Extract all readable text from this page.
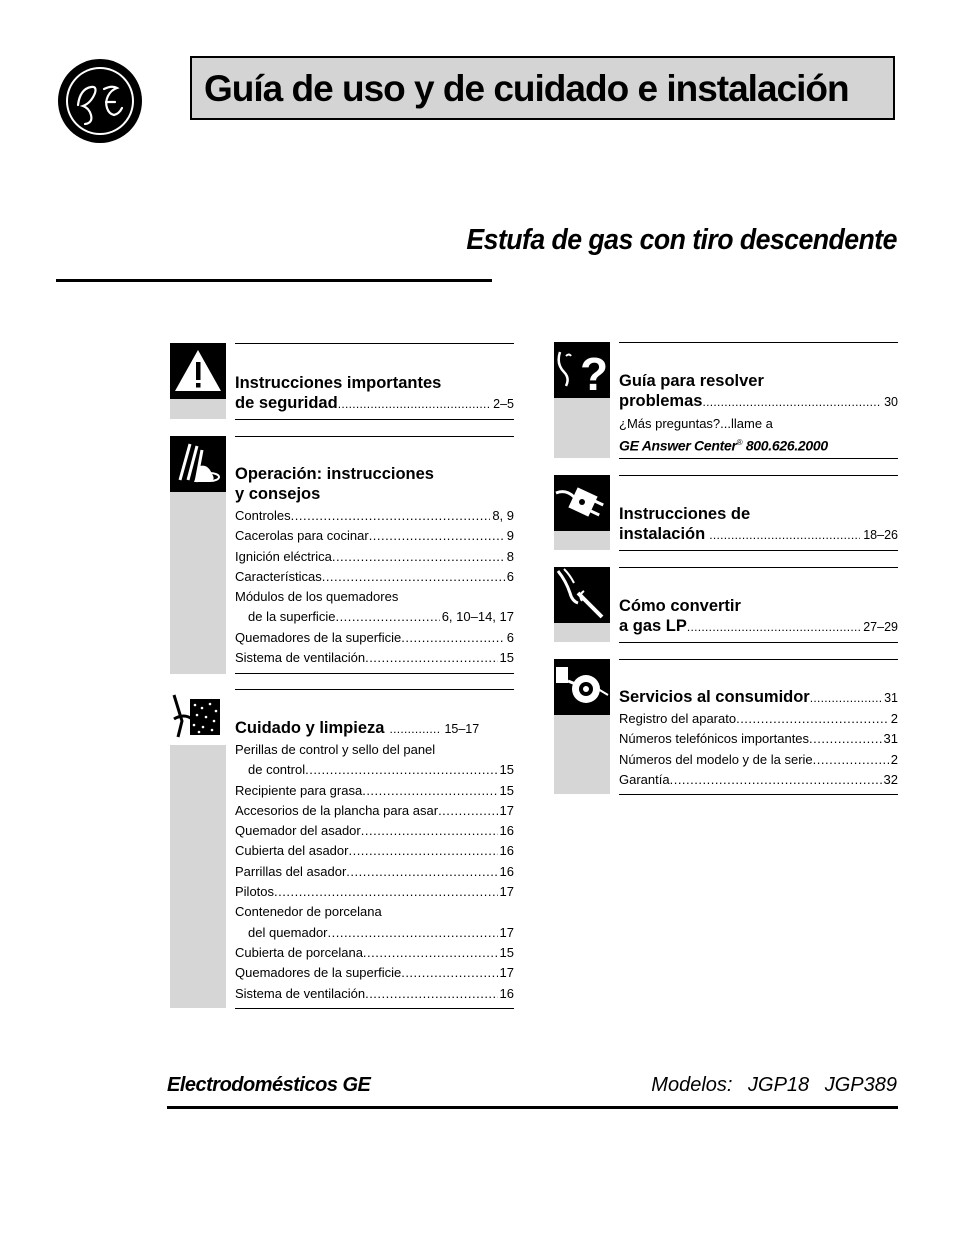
Guía de uso y de cuidado e instalación
Estufa de gas con tiro descendente
Instrucciones importantes
de seguridad .....	2–5
Operación: instrucciones
y consejos
Controles .....	8, 9
Cacerolas para cocinar .....	9
Ignición eléctrica .....	8
Características .....	6
Módulos de los quemadores
de la superficie .....	6, 10–14, 17
Quemadores de la superficie .....	6
Sistema de ventilación .....	15
Cuidado y limpieza .....	15–17
Perillas de control y sello del panel
de control .....	15
Recipiente para grasa .....	15
Accesorios de la plancha para asar .....	17
Quemador del asador .....	16
Cubierta del asador .....	16
Parrillas del asador .....	16
Pilotos .....	17
Contenedor de porcelana
del quemador .....	17
Cubierta de porcelana .....	15
Quemadores de la superficie .....	17
Sistema de ventilación .....	16
? Guía para resolver
problemas .....	30
¿Más preguntas?...llame a
GE Answer Center® 800.626.2000
Instrucciones de
instalación .....	18–26
Cómo convertir
a gas LP .....	27–29
Servicios al consumidor .....	31
Registro del aparato .....	2
Números telefónicos importantes .....	31
Números del modelo y de la serie .....	2
Garantía .....	32
Electrodomésticos GE	Modelos: JGP18 JGP389
